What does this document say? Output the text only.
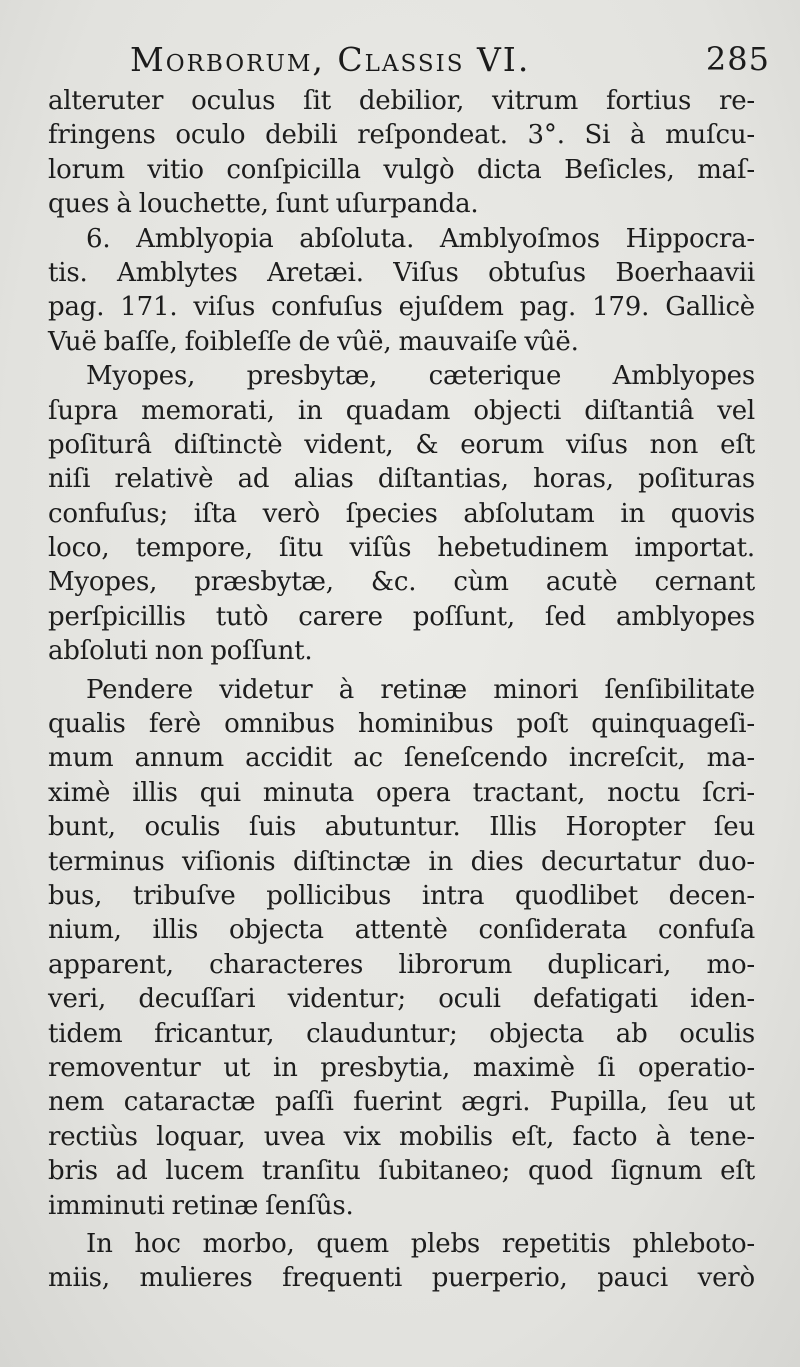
Morborum, Classis VI.	285
alteruter oculus ſit debilior, vitrum fortius re-
fringens oculo debili reſpondeat. 3°. Si à muſcu-
lorum vitio conſpicilla vulgò dicta Beſicles, maſ-
ques à louchette, ſunt uſurpanda.
6. Amblyopia abſoluta. Amblyoſmos Hippocra-
tis. Amblytes Aretæi. Viſus obtuſus Boerhaavii
pag. 171. viſus confuſus ejuſdem pag. 179. Gallicè
Vuë baſſe, foibleſſe de vûë, mauvaiſe vûë.
Myopes, presbytæ, cæterique Amblyopes
ſupra memorati, in quadam objecti diſtantiâ vel
poſiturâ diſtinctè vident, & eorum viſus non eſt
niſi relativè ad alias diſtantias, horas, poſituras
confuſus; iſta verò ſpecies abſolutam in quovis
loco, tempore, ſitu viſûs hebetudinem importat.
Myopes, præsbytæ, &c. cùm acutè cernant
perſpicillis tutò carere poſſunt, ſed amblyopes
abſoluti non poſſunt.
Pendere videtur à retinæ minori ſenſibilitate
qualis ferè omnibus hominibus poſt quinquageſi-
mum annum accidit ac ſeneſcendo increſcit, ma-
ximè illis qui minuta opera tractant, noctu ſcri-
bunt, oculis ſuis abutuntur. Illis Horopter ſeu
terminus viſionis diſtinctæ in dies decurtatur duo-
bus, tribuſve pollicibus intra quodlibet decen-
nium, illis objecta attentè conſiderata confuſa
apparent, characteres librorum duplicari, mo-
veri, decuſſari videntur; oculi defatigati iden-
tidem fricantur, clauduntur; objecta ab oculis
removentur ut in presbytia, maximè ſi operatio-
nem cataractæ paſſi fuerint ægri. Pupilla, ſeu ut
rectiùs loquar, uvea vix mobilis eſt, facto à tene-
bris ad lucem tranſitu ſubitaneo; quod ſignum eſt
imminuti retinæ ſenſûs.
In hoc morbo, quem plebs repetitis phleboto-
miis, mulieres frequenti puerperio, pauci verò
